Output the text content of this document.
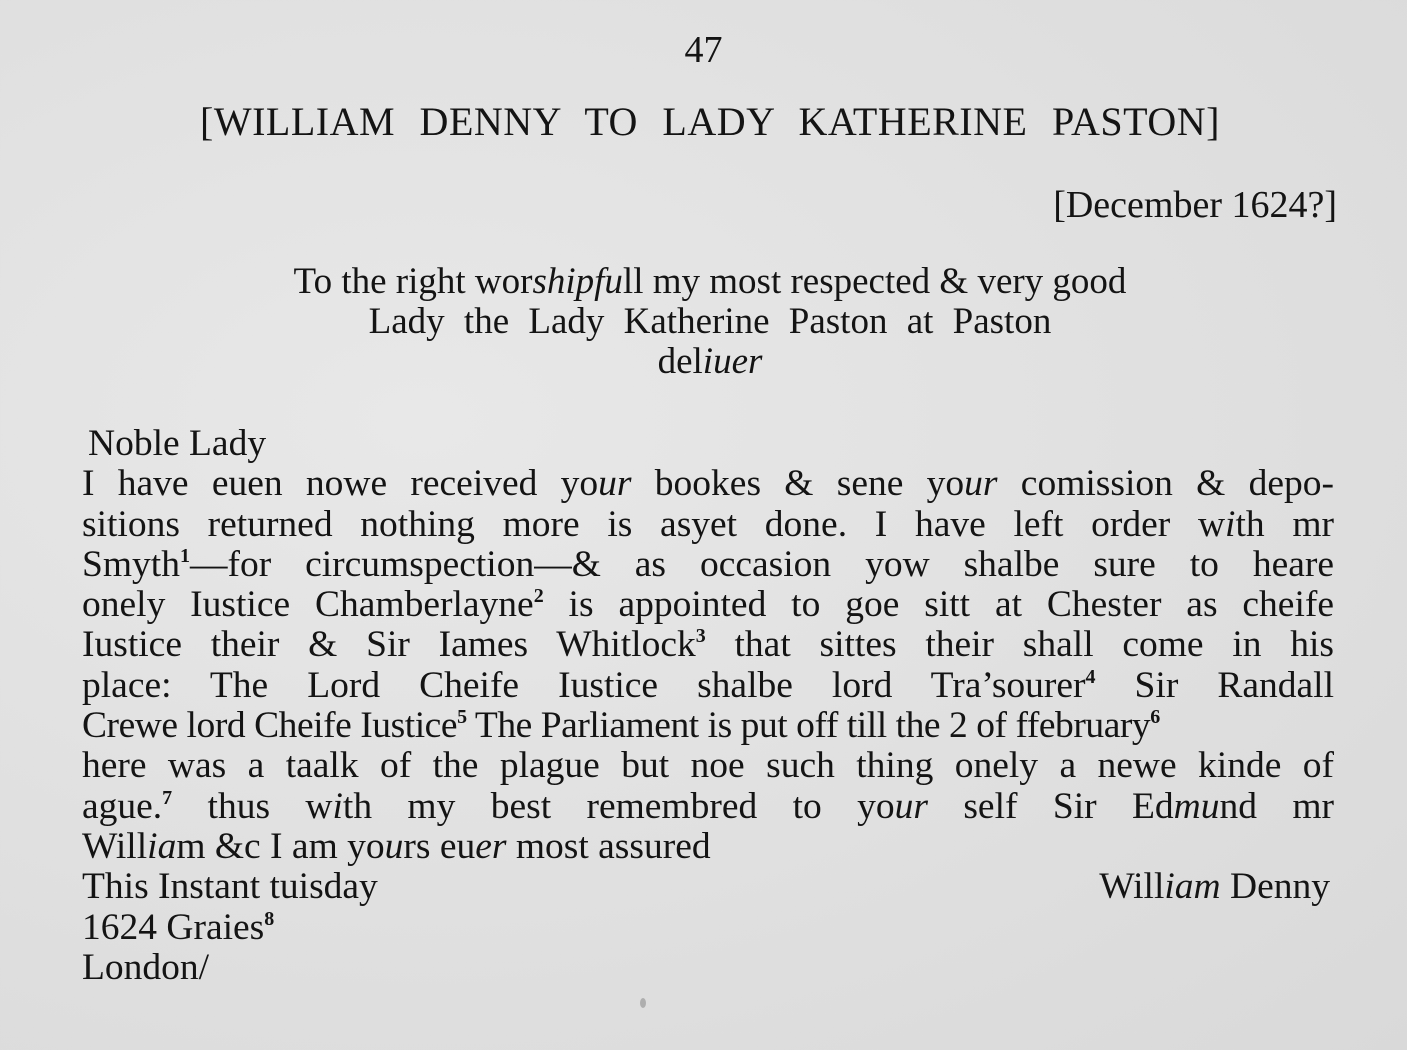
47
[WILLIAM DENNY TO LADY KATHERINE PASTON]
[December 1624?]
To the right worshipfull my most respected & very good
Lady the Lady Katherine Paston at Paston
deliuer
Noble Lady
I have euen nowe received your bookes & sene your comission & depo-
sitions returned nothing more is asyet done. I have left order with mr
Smyth$^1$—for circumspection—& as occasion yow shalbe sure to heare
onely Iustice Chamberlayne$^2$ is appointed to goe sitt at Chester as cheife
Iustice their & Sir Iames Whitlock$^3$ that sittes their shall come in his
place: The Lord Cheife Iustice shalbe lord Tra’sourer$^4$ Sir Randall
Crewe lord Cheife Iustice$^5$ The Parliament is put off till the 2 of ffebruary$^6$
here was a taalk of the plague but noe such thing onely a newe kinde of
ague.$^7$ thus with my best remembred to your self Sir Edmund mr
William &c I am yours euer most assured
This Instant tuisday	William Denny
1624 Graies$^8$
London/
